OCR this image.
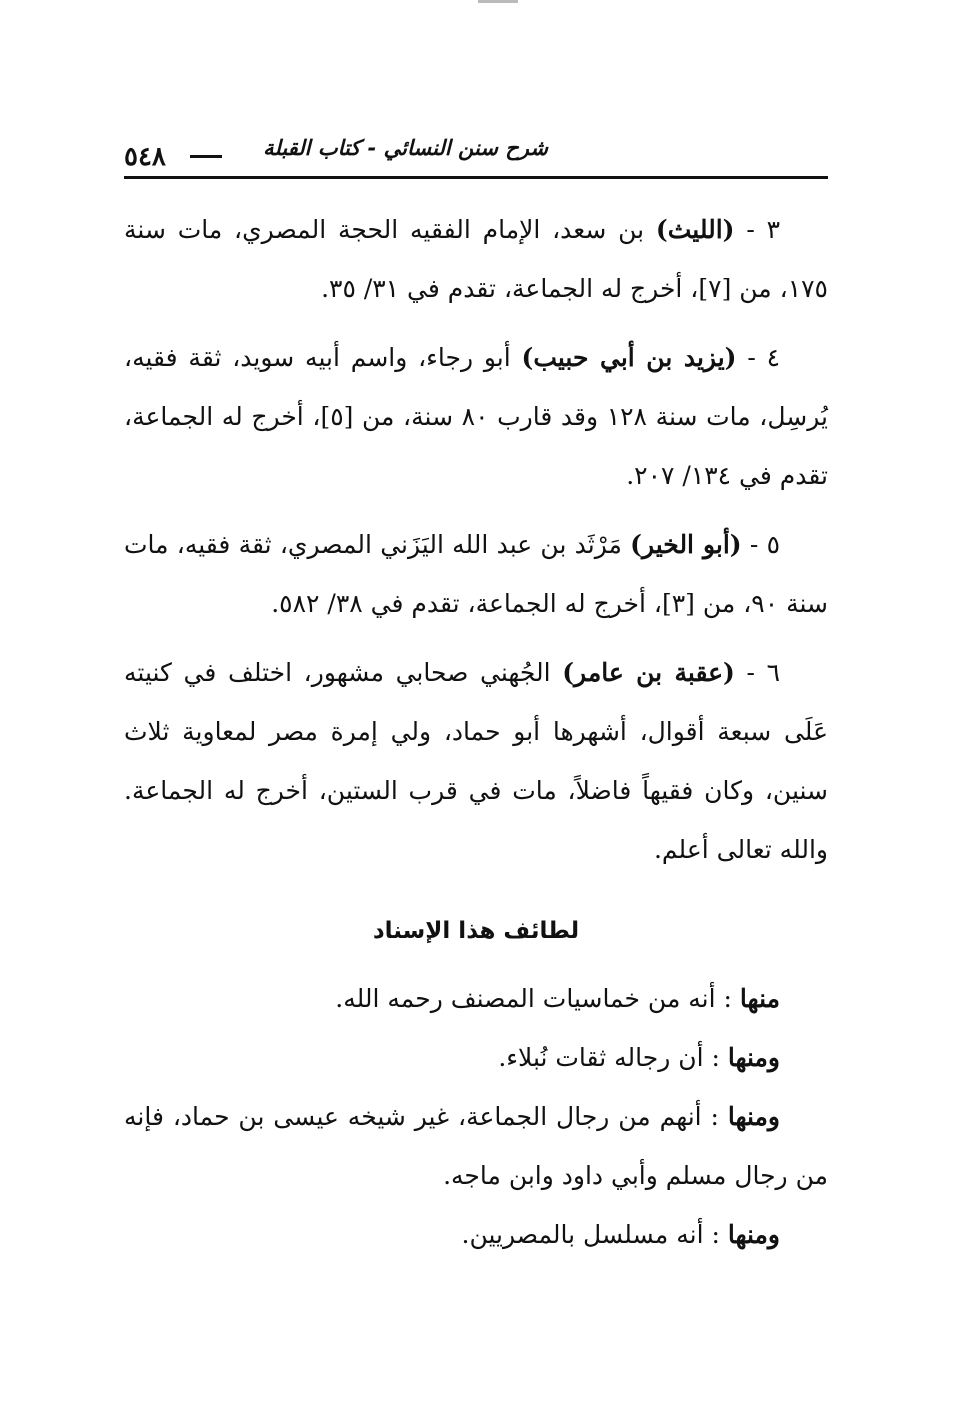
شرح سنن النسائي - كتاب القبلة
٥٤٨

٣ - (الليث) بن سعد، الإمام الفقيه الحجة المصري، مات سنة ١٧٥، من [٧]، أخرج له الجماعة، تقدم في ٣١/ ٣٥.

٤ - (يزيد بن أبي حبيب) أبو رجاء، واسم أبيه سويد، ثقة فقيه، يُرسِل، مات سنة ١٢٨ وقد قارب ٨٠ سنة، من [٥]، أخرج له الجماعة، تقدم في ١٣٤/ ٢٠٧.

٥ - (أبو الخير) مَرْثَد بن عبد الله اليَزَني المصري، ثقة فقيه، مات سنة ٩٠، من [٣]، أخرج له الجماعة، تقدم في ٣٨/ ٥٨٢.

٦ - (عقبة بن عامر) الجُهني صحابي مشهور، اختلف في كنيته عَلَى سبعة أقوال، أشهرها أبو حماد، ولي إمرة مصر لمعاوية ثلاث سنين، وكان فقيهاً فاضلاً، مات في قرب الستين، أخرج له الجماعة. والله تعالى أعلم.

لطائف هذا الإسناد

منها : أنه من خماسيات المصنف رحمه الله.

ومنها : أن رجاله ثقات نُبلاء.

ومنها : أنهم من رجال الجماعة، غير شيخه عيسى بن حماد، فإنه من رجال مسلم وأبي داود وابن ماجه.

ومنها : أنه مسلسل بالمصريين.
